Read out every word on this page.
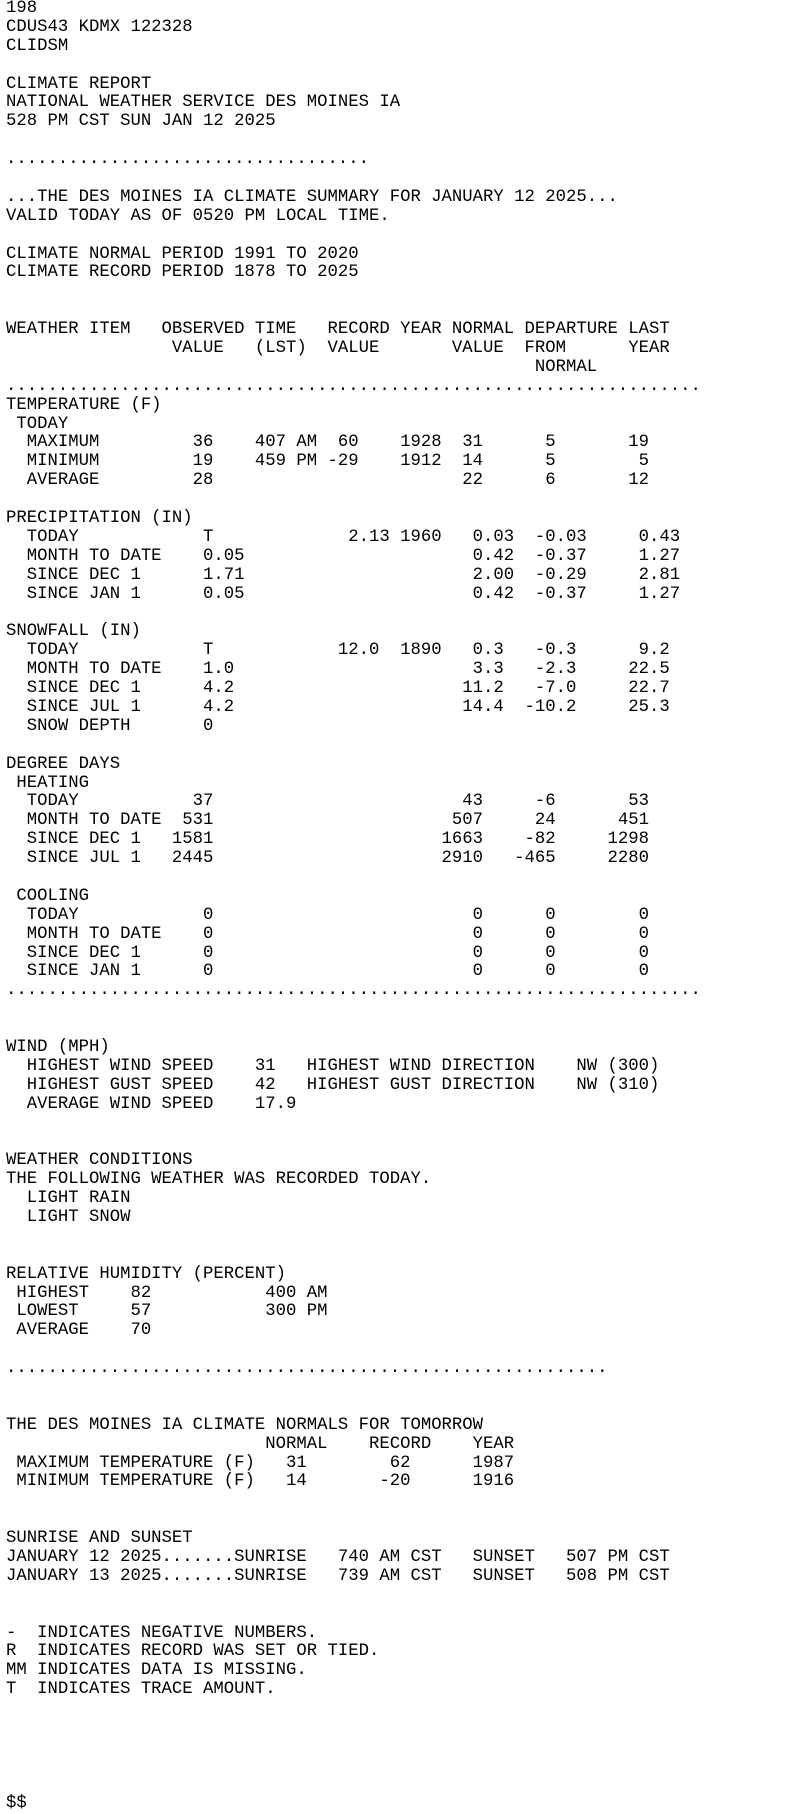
198
CDUS43 KDMX 122328
CLIDSM
CLIMATE REPORT
NATIONAL WEATHER SERVICE DES MOINES IA
528 PM CST SUN JAN 12 2025
...................................
...THE DES MOINES IA CLIMATE SUMMARY FOR JANUARY 12 2025...
VALID TODAY AS OF 0520 PM LOCAL TIME.
CLIMATE NORMAL PERIOD 1991 TO 2020
CLIMATE RECORD PERIOD 1878 TO 2025
WEATHER ITEM   OBSERVED TIME   RECORD YEAR NORMAL DEPARTURE LAST
VALUE   (LST)  VALUE       VALUE  FROM      YEAR
NORMAL
...................................................................
TEMPERATURE (F)
TODAY
MAXIMUM         36    407 AM  60    1928  31      5       19
MINIMUM         19    459 PM -29    1912  14      5        5
AVERAGE         28                        22      6       12
PRECIPITATION (IN)
TODAY            T             2.13 1960   0.03  -0.03     0.43
MONTH TO DATE    0.05                      0.42  -0.37     1.27
SINCE DEC 1      1.71                      2.00  -0.29     2.81
SINCE JAN 1      0.05                      0.42  -0.37     1.27
SNOWFALL (IN)
TODAY            T            12.0  1890   0.3   -0.3      9.2
MONTH TO DATE    1.0                       3.3   -2.3     22.5
SINCE DEC 1      4.2                      11.2   -7.0     22.7
SINCE JUL 1      4.2                      14.4  -10.2     25.3
SNOW DEPTH       0
DEGREE DAYS
HEATING
TODAY           37                        43     -6       53
MONTH TO DATE  531                       507     24      451
SINCE DEC 1   1581                      1663    -82     1298
SINCE JUL 1   2445                      2910   -465     2280
COOLING
TODAY            0                         0      0        0
MONTH TO DATE    0                         0      0        0
SINCE DEC 1      0                         0      0        0
SINCE JAN 1      0                         0      0        0
...................................................................
WIND (MPH)
HIGHEST WIND SPEED    31   HIGHEST WIND DIRECTION    NW (300)
HIGHEST GUST SPEED    42   HIGHEST GUST DIRECTION    NW (310)
AVERAGE WIND SPEED    17.9
WEATHER CONDITIONS
THE FOLLOWING WEATHER WAS RECORDED TODAY.
LIGHT RAIN
LIGHT SNOW
RELATIVE HUMIDITY (PERCENT)
HIGHEST    82           400 AM
LOWEST     57           300 PM
AVERAGE    70
..........................................................
THE DES MOINES IA CLIMATE NORMALS FOR TOMORROW
NORMAL    RECORD    YEAR
MAXIMUM TEMPERATURE (F)   31        62      1987
MINIMUM TEMPERATURE (F)   14       -20      1916
SUNRISE AND SUNSET
JANUARY 12 2025.......SUNRISE   740 AM CST   SUNSET   507 PM CST
JANUARY 13 2025.......SUNRISE   739 AM CST   SUNSET   508 PM CST
-  INDICATES NEGATIVE NUMBERS.
R  INDICATES RECORD WAS SET OR TIED.
MM INDICATES DATA IS MISSING.
T  INDICATES TRACE AMOUNT.
$$
